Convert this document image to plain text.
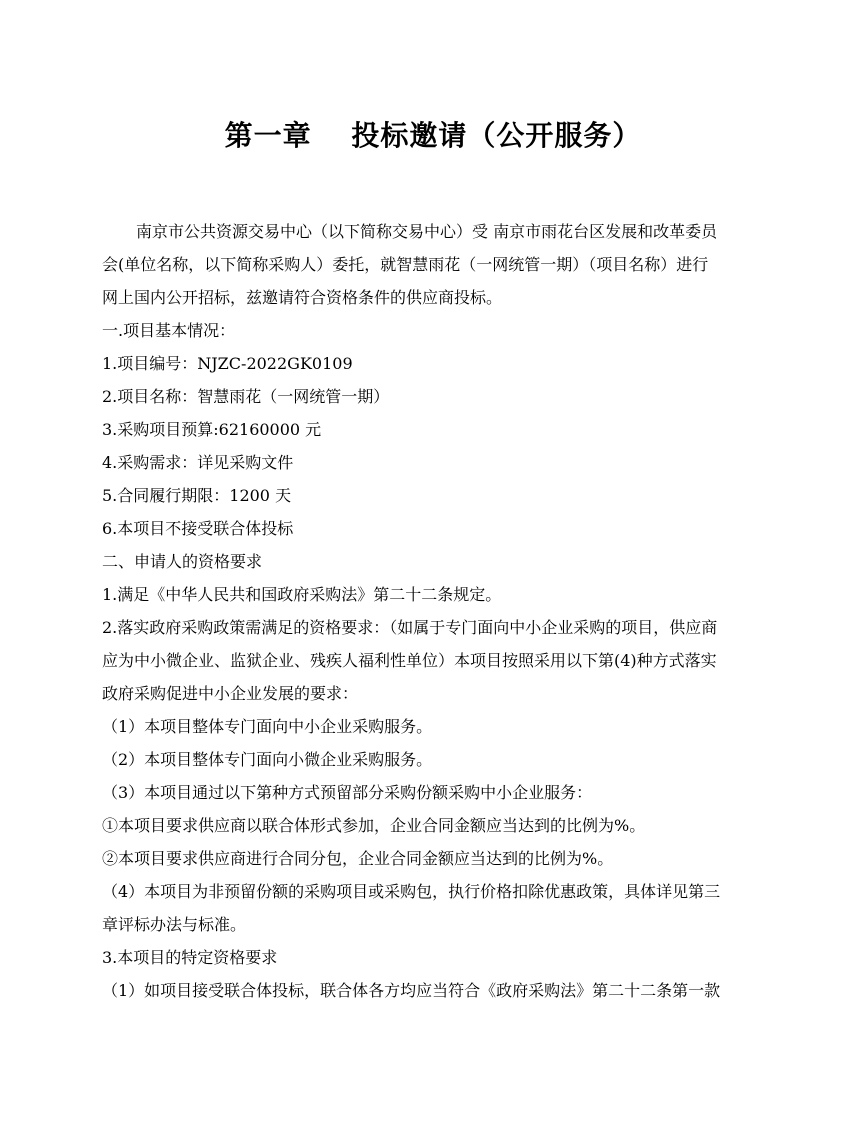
第一章　 投标邀请（公开服务）
南京市公共资源交易中心（以下简称交易中心）受 南京市雨花台区发展和改革委员
会(单位名称，以下简称采购人）委托，就智慧雨花（一网统管一期）（项目名称）进行
网上国内公开招标，兹邀请符合资格条件的供应商投标。
一.项目基本情况：
1.项目编号：NJZC-2022GK0109
2.项目名称：智慧雨花（一网统管一期）
3.采购项目预算:62160000 元
4.采购需求：详见采购文件
5.合同履行期限：1200 天
6.本项目不接受联合体投标
二、申请人的资格要求
1.满足《中华人民共和国政府采购法》第二十二条规定。
2.落实政府采购政策需满足的资格要求：（如属于专门面向中小企业采购的项目，供应商
应为中小微企业、监狱企业、残疾人福利性单位）本项目按照采用以下第(4)种方式落实
政府采购促进中小企业发展的要求：
（1）本项目整体专门面向中小企业采购服务。
（2）本项目整体专门面向小微企业采购服务。
（3）本项目通过以下第种方式预留部分采购份额采购中小企业服务：
①本项目要求供应商以联合体形式参加，企业合同金额应当达到的比例为%。
②本项目要求供应商进行合同分包，企业合同金额应当达到的比例为%。
（4）本项目为非预留份额的采购项目或采购包，执行价格扣除优惠政策，具体详见第三
章评标办法与标准。
3.本项目的特定资格要求
（1）如项目接受联合体投标，联合体各方均应当符合《政府采购法》第二十二条第一款
